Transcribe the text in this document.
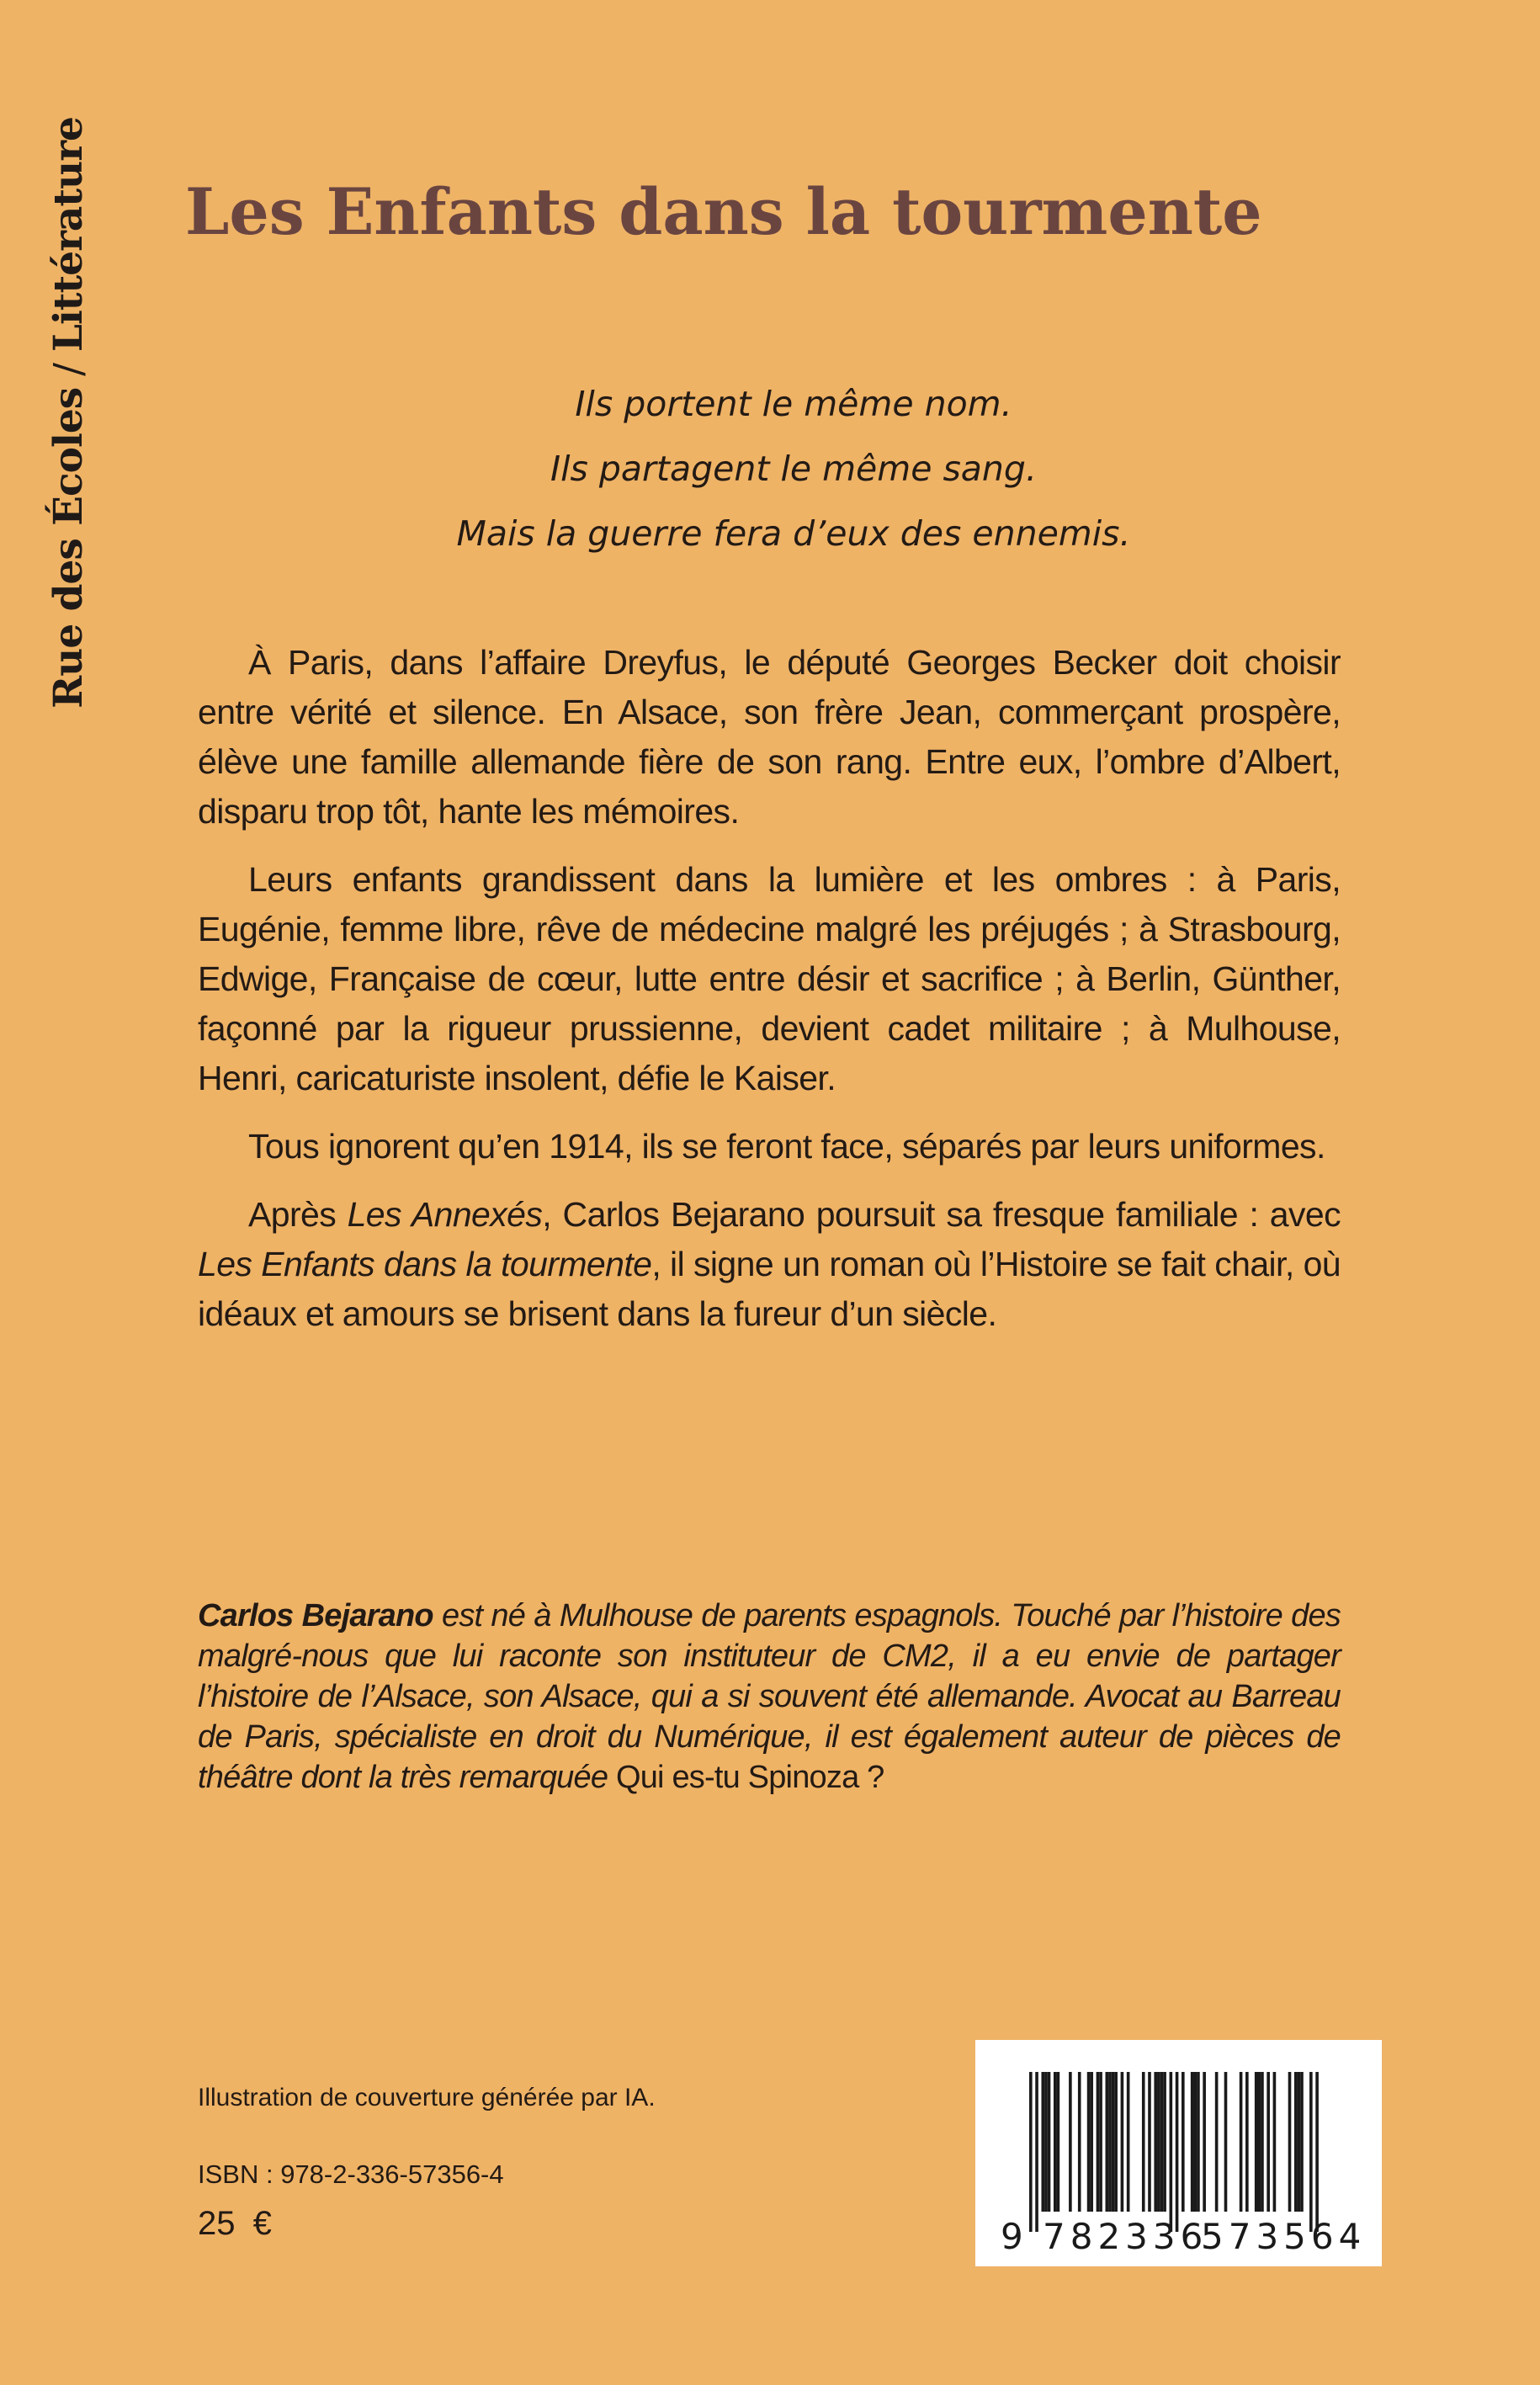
Rue des Écoles / Littérature Les Enfants dans la tourmente
Ils portent le même nom.
Ils partagent le même sang.
Mais la guerre fera d’eux des ennemis.

À Paris, dans l’affaire Dreyfus, le député Georges Becker doit choisir entre vérité et silence. En Alsace, son frère Jean, commerçant prospère, élève une famille allemande fière de son rang. Entre eux, l’ombre d’Albert, disparu trop tôt, hante les mémoires.

Leurs enfants grandissent dans la lumière et les ombres : à Paris, Eugénie, femme libre, rêve de médecine malgré les préjugés ; à Strasbourg, Edwige, Française de cœur, lutte entre désir et sacrifice ; à Berlin, Günther, façonné par la rigueur prussienne, devient cadet militaire ; à Mulhouse, Henri, caricaturiste insolent, défie le Kaiser.

Tous ignorent qu’en 1914, ils se feront face, séparés par leurs uniformes.

Après Les Annexés, Carlos Bejarano poursuit sa fresque familiale : avec Les Enfants dans la tourmente, il signe un roman où l’Histoire se fait chair, où idéaux et amours se brisent dans la fureur d’un siècle.

Carlos Bejarano est né à Mulhouse de parents espagnols. Touché par l’histoire des malgré-nous que lui raconte son instituteur de CM2, il a eu envie de partager l’histoire de l’Alsace, son Alsace, qui a si souvent été allemande. Avocat au Barreau de Paris, spécialiste en droit du Numérique, il est également auteur de pièces de théâtre dont la très remarquée Qui es-tu Spinoza ?
Illustration de couverture générée par IA.
ISBN : 978-2-336-57356-4
25 €	9 782336
573564
